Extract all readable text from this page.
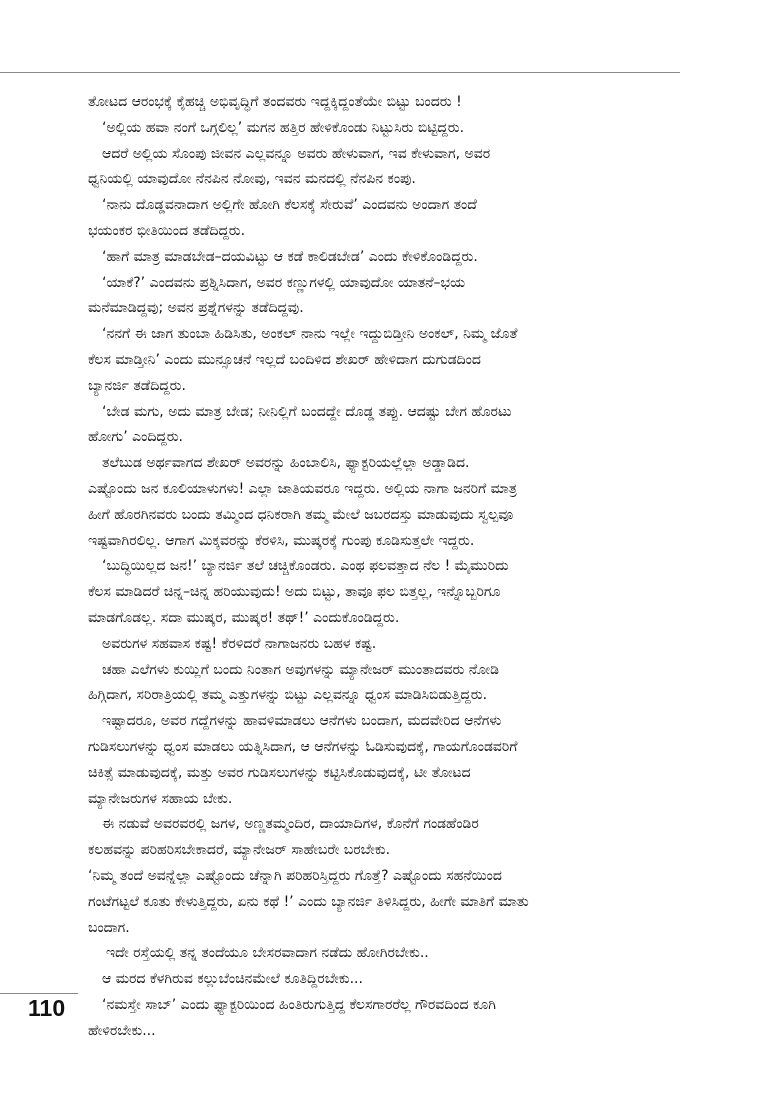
ತೋಟದ ಆರಂಭಕ್ಕೆ ಕೈಹಚ್ಚಿ ಅಭಿವೃದ್ಧಿಗೆ ತಂದವರು ಇದ್ದಕ್ಕಿದ್ದಂತೆಯೇ ಬಿಟ್ಟು ಬಂದರು !
‘ಅಲ್ಲಿಯ ಹವಾ ನಂಗೆ ಒಗ್ಗಲಿಲ್ಲ’ ಮಗನ ಹತ್ತಿರ ಹೇಳಿಕೊಂಡು ನಿಟ್ಟುಸಿರು ಬಿಟ್ಟಿದ್ದರು.
ಆದರೆ ಅಲ್ಲಿಯ ಸೊಂಪು ಜೀವನ ಎಲ್ಲವನ್ನೂ ಅವರು ಹೇಳುವಾಗ, ಇವ ಕೇಳುವಾಗ, ಅವರ
ಧ್ವನಿಯಲ್ಲಿ ಯಾವುದೋ ನೆನಪಿನ ನೋವು, ಇವನ ಮನದಲ್ಲಿ ನೆನಪಿನ ಕಂಪು.
‘ನಾನು ದೊಡ್ಡವನಾದಾಗ ಅಲ್ಲಿಗೇ ಹೋಗಿ ಕೆಲಸಕ್ಕೆ ಸೇರುವೆ’ ಎಂದವನು ಅಂದಾಗ ತಂದೆ
ಭಯಂಕರ ಭೀತಿಯಿಂದ ತಡೆದಿದ್ದರು.
‘ಹಾಗೆ ಮಾತ್ರ ಮಾಡಬೇಡ–ದಯವಿಟ್ಟು ಆ ಕಡೆ ಕಾಲಿಡಬೇಡ’ ಎಂದು ಕೇಳಿಕೊಂಡಿದ್ದರು.
‘ಯಾಕೆ?’ ಎಂದವನು ಪ್ರಶ್ನಿಸಿದಾಗ, ಅವರ ಕಣ್ಣುಗಳಲ್ಲಿ ಯಾವುದೋ ಯಾತನೆ–ಭಯ
ಮನೆಮಾಡಿದ್ದವು; ಅವನ ಪ್ರಶ್ನೆಗಳನ್ನು ತಡೆದಿದ್ದವು.
‘ನನಗೆ ಈ ಜಾಗ ತುಂಬಾ ಹಿಡಿಸಿತು, ಅಂಕಲ್ ನಾನು ಇಲ್ಲೇ ಇದ್ದುಬಿಡ್ತೀನಿ ಅಂಕಲ್, ನಿಮ್ಮ ಜೊತೆ
ಕೆಲಸ ಮಾಡ್ತೀನಿ’ ಎಂದು ಮುನ್ಸೂಚನೆ ಇಲ್ಲದೆ ಬಂದಿಳಿದ ಶೇಖರ್ ಹೇಳಿದಾಗ ದುಗುಡದಿಂದ
ಬ್ಯಾನರ್ಜಿ ತಡೆದಿದ್ದರು.
‘ಬೇಡ ಮಗು, ಅದು ಮಾತ್ರ ಬೇಡ; ನೀನಿಲ್ಲಿಗೆ ಬಂದದ್ದೇ ದೊಡ್ಡ ತಪ್ಪು. ಆದಷ್ಟು ಬೇಗ ಹೊರಟು
ಹೋಗು’ ಎಂದಿದ್ದರು.
ತಲೆಬುಡ ಅರ್ಥವಾಗದ ಶೇಖರ್ ಅವರನ್ನು ಹಿಂಬಾಲಿಸಿ, ಫ್ಯಾಕ್ಟರಿಯಲ್ಲೆಲ್ಲಾ ಅಡ್ಡಾಡಿದ.
ಎಷ್ಟೊಂದು ಜನ ಕೂಲಿಯಾಳುಗಳು! ಎಲ್ಲಾ ಜಾತಿಯವರೂ ಇದ್ದರು. ಅಲ್ಲಿಯ ನಾಗಾ ಜನರಿಗೆ ಮಾತ್ರ
ಹೀಗೆ ಹೊರಗಿನವರು ಬಂದು ತಮ್ಮಿಂದ ಧನಿಕರಾಗಿ ತಮ್ಮ ಮೇಲೆ ಜಬರದಸ್ತು ಮಾಡುವುದು ಸ್ವಲ್ಪವೂ
ಇಷ್ಟವಾಗಿರಲಿಲ್ಲ. ಆಗಾಗ ಮಿಕ್ಕವರನ್ನು ಕೆರಳಿಸಿ, ಮುಷ್ಕರಕ್ಕೆ ಗುಂಪು ಕೂಡಿಸುತ್ತಲೇ ಇದ್ದರು.
‘ಬುದ್ಧಿಯಿಲ್ಲದ ಜನ!’ ಬ್ಯಾನರ್ಜಿ ತಲೆ ಚಚ್ಚಿಕೊಂಡರು. ಎಂಥ ಫಲವತ್ತಾದ ನೆಲ ! ಮೈಮುರಿದು
ಕೆಲಸ ಮಾಡಿದರೆ ಚಿನ್ನ–ಚಿನ್ನ ಹರಿಯುವುದು! ಅದು ಬಿಟ್ಟು, ತಾವೂ ಫಲ ಬಿತ್ತಲ್ಲ, ಇನ್ನೊಬ್ಬರಿಗೂ
ಮಾಡಗೊಡಲ್ಲ. ಸದಾ ಮುಷ್ಕರ, ಮುಷ್ಕರ! ತಥ್!’ ಎಂದುಕೊಂಡಿದ್ದರು.
ಅವರುಗಳ ಸಹವಾಸ ಕಷ್ಟ! ಕೆರಳಿದರೆ ನಾಗಾಜನರು ಬಹಳ ಕಷ್ಟ.
ಚಹಾ ಎಲೆಗಳು ಕುಯ್ಲಿಗೆ ಬಂದು ನಿಂತಾಗ ಅವುಗಳನ್ನು ಮ್ಯಾನೇಜರ್ ಮುಂತಾದವರು ನೋಡಿ
ಹಿಗ್ಗಿದಾಗ, ಸರಿರಾತ್ರಿಯಲ್ಲಿ ತಮ್ಮ ಎತ್ತುಗಳನ್ನು ಬಿಟ್ಟು ಎಲ್ಲವನ್ನೂ ಧ್ವಂಸ ಮಾಡಿಸಿಬಿಡುತ್ತಿದ್ದರು.
ಇಷ್ಟಾದರೂ, ಅವರ ಗದ್ದೆಗಳನ್ನು ಹಾವಳಿಮಾಡಲು ಆನೆಗಳು ಬಂದಾಗ, ಮದವೇರಿದ ಆನೆಗಳು
ಗುಡಿಸಲುಗಳನ್ನು ಧ್ವಂಸ ಮಾಡಲು ಯತ್ನಿಸಿದಾಗ, ಆ ಆನೆಗಳನ್ನು ಓಡಿಸುವುದಕ್ಕೆ, ಗಾಯಗೊಂಡವರಿಗೆ
ಚಿಕಿತ್ಸೆ ಮಾಡುವುದಕ್ಕೆ, ಮತ್ತು ಅವರ ಗುಡಿಸಲುಗಳನ್ನು ಕಟ್ಟಿಸಿಕೊಡುವುದಕ್ಕೆ, ಟೀ ತೋಟದ
ಮ್ಯಾನೇಜರುಗಳ ಸಹಾಯ ಬೇಕು.
ಈ ನಡುವೆ ಅವರವರಲ್ಲಿ ಜಗಳ, ಅಣ್ಣತಮ್ಮಂದಿರ, ದಾಯಾದಿಗಳ, ಕೊನೆಗೆ ಗಂಡಹೆಂಡಿರ
ಕಲಹವನ್ನು ಪರಿಹರಿಸಬೇಕಾದರೆ, ಮ್ಯಾನೇಜರ್ ಸಾಹೇಬರೇ ಬರಬೇಕು.
‘ನಿಮ್ಮ ತಂದೆ ಅವನ್ನೆಲ್ಲಾ ಎಷ್ಟೊಂದು ಚೆನ್ನಾಗಿ ಪರಿಹರಿಸ್ತಿದ್ದರು ಗೊತ್ತೆ? ಎಷ್ಟೊಂದು ಸಹನೆಯಿಂದ
ಗಂಟೆಗಟ್ಟಲೆ ಕೂತು ಕೇಳುತ್ತಿದ್ದರು, ಏನು ಕಥೆ !’ ಎಂದು ಬ್ಯಾನರ್ಜಿ ತಿಳಿಸಿದ್ದರು, ಹೀಗೇ ಮಾತಿಗೆ ಮಾತು
ಬಂದಾಗ.
ಇದೇ ರಸ್ತೆಯಲ್ಲಿ ತನ್ನ ತಂದೆಯೂ ಬೇಸರವಾದಾಗ ನಡೆದು ಹೋಗಿರಬೇಕು..
ಆ ಮರದ ಕೆಳಗಿರುವ ಕಲ್ಲುಬೆಂಚಿನಮೇಲೆ ಕೂತಿದ್ದಿರಬೇಕು...
‘ನಮಸ್ತೇ ಸಾಬ್’ ಎಂದು ಫ್ಯಾಕ್ಟರಿಯಿಂದ ಹಿಂತಿರುಗುತ್ತಿದ್ದ ಕೆಲಸಗಾರರೆಲ್ಲ ಗೌರವದಿಂದ ಕೂಗಿ
ಹೇಳಿರಬೇಕು...
110
